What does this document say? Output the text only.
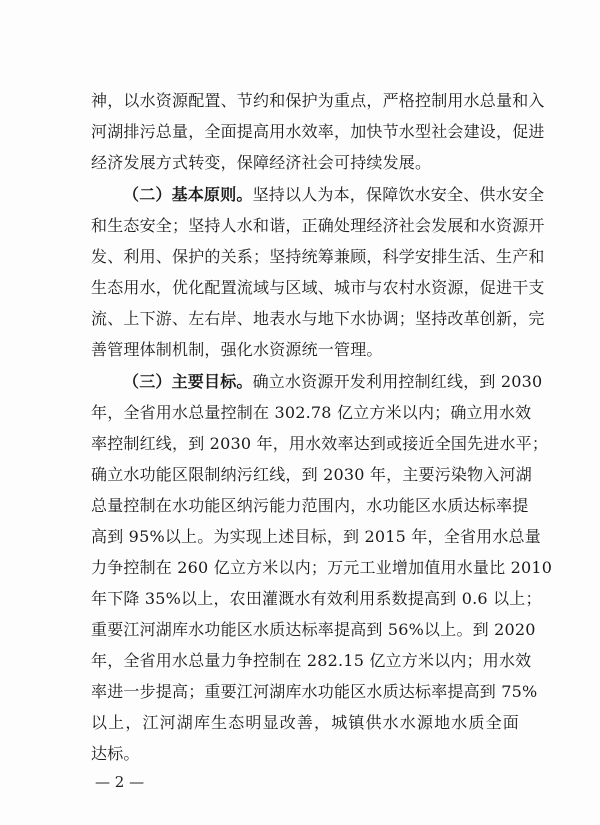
神，以水资源配置、节约和保护为重点，严格控制用水总量和入
河湖排污总量，全面提高用水效率，加快节水型社会建设，促进
经济发展方式转变，保障经济社会可持续发展。
（二）基本原则。坚持以人为本，保障饮水安全、供水安全
和生态安全；坚持人水和谐，正确处理经济社会发展和水资源开
发、利用、保护的关系；坚持统筹兼顾，科学安排生活、生产和
生态用水，优化配置流域与区域、城市与农村水资源，促进干支
流、上下游、左右岸、地表水与地下水协调；坚持改革创新，完
善管理体制机制，强化水资源统一管理。
（三）主要目标。确立水资源开发利用控制红线，到 2030
年，全省用水总量控制在 302.78 亿立方米以内；确立用水效
率控制红线，到 2030 年，用水效率达到或接近全国先进水平；
确立水功能区限制纳污红线，到 2030 年，主要污染物入河湖
总量控制在水功能区纳污能力范围内，水功能区水质达标率提
高到 95%以上。为实现上述目标，到 2015 年，全省用水总量
力争控制在 260 亿立方米以内；万元工业增加值用水量比 2010
年下降 35%以上，农田灌溉水有效利用系数提高到 0.6 以上；
重要江河湖库水功能区水质达标率提高到 56%以上。到 2020
年，全省用水总量力争控制在 282.15 亿立方米以内；用水效
率进一步提高；重要江河湖库水功能区水质达标率提高到 75%
以上，江河湖库生态明显改善，城镇供水水源地水质全面
达标。
— 2 —
